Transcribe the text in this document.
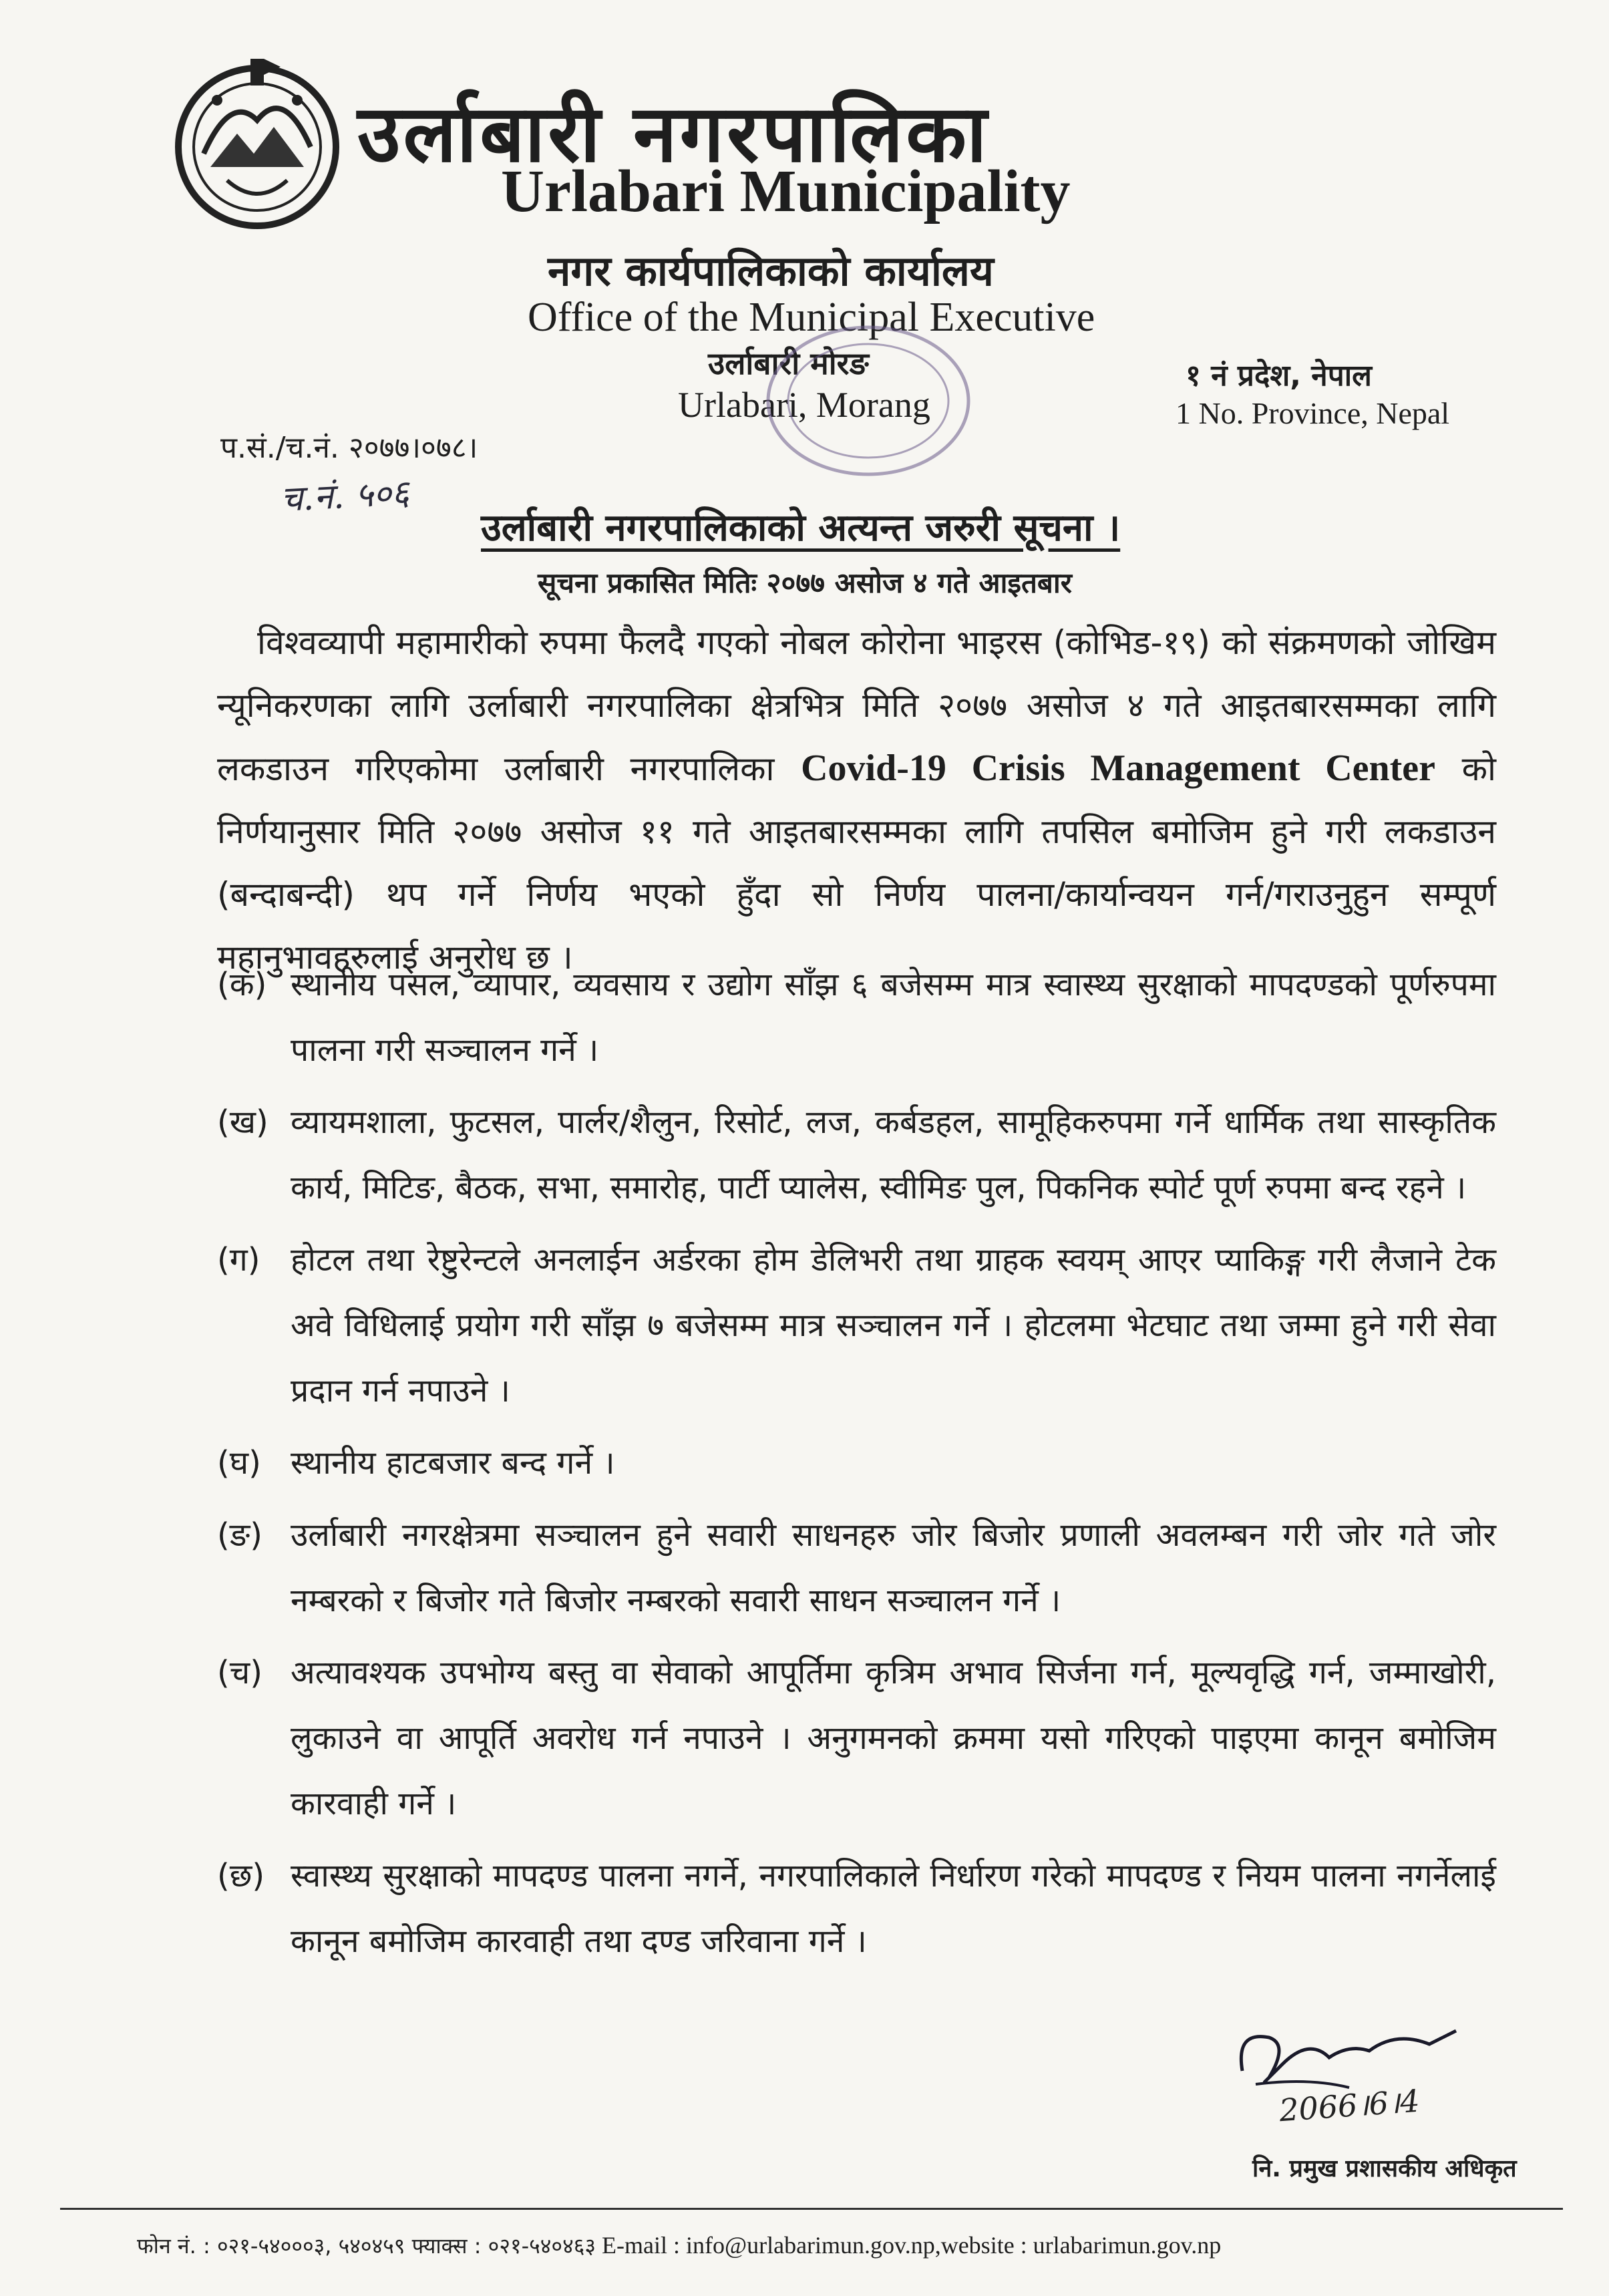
उर्लाबारी नगरपालिका
Urlabari Municipality
नगर कार्यपालिकाको कार्यालय
Office of the Municipal Executive
उर्लाबारी मोरङ
Urlabari, Morang
१ नं प्रदेश, नेपाल
1 No. Province, Nepal
प.सं./च.नं. २०७७।०७८।
च.नं. ५०६
उर्लाबारी नगरपालिकाको अत्यन्त जरुरी सूचना ।
सूचना प्रकासित मितिः २०७७ असोज ४ गते आइतबार
विश्वव्यापी महामारीको रुपमा फैलदै गएको नोबल कोरोना भाइरस (कोभिड-१९) को संक्रमणको जोखिम न्यूनिकरणका लागि उर्लाबारी नगरपालिका क्षेत्रभित्र मिति २०७७ असोज ४ गते आइतबारसम्मका लागि लकडाउन गरिएकोमा उर्लाबारी नगरपालिका Covid-19 Crisis Management Center को निर्णयानुसार मिति २०७७ असोज ११ गते आइतबारसम्मका लागि तपसिल बमोजिम हुने गरी लकडाउन (बन्दाबन्दी) थप गर्ने निर्णय भएको हुँदा सो निर्णय पालना/कार्यान्वयन गर्न/गराउनुहुन सम्पूर्ण महानुभावहरुलाई अनुरोध छ ।
(क) स्थानीय पसल, व्यापार, व्यवसाय र उद्योग साँझ ६ बजेसम्म मात्र स्वास्थ्य सुरक्षाको मापदण्डको पूर्णरुपमा पालना गरी सञ्चालन गर्ने ।
(ख) व्यायमशाला, फुटसल, पार्लर/शैलुन, रिसोर्ट, लज, कर्बडहल, सामूहिकरुपमा गर्ने धार्मिक तथा सास्कृतिक कार्य, मिटिङ, बैठक, सभा, समारोह, पार्टी प्यालेस, स्वीमिङ पुल, पिकनिक स्पोर्ट पूर्ण रुपमा बन्द रहने ।
(ग) होटल तथा रेष्टुरेन्टले अनलाईन अर्डरका होम डेलिभरी तथा ग्राहक स्वयम् आएर प्याकिङ्ग गरी लैजाने टेक अवे विधिलाई प्रयोग गरी साँझ ७ बजेसम्म मात्र सञ्चालन गर्ने । होटलमा भेटघाट तथा जम्मा हुने गरी सेवा प्रदान गर्न नपाउने ।
(घ) स्थानीय हाटबजार बन्द गर्ने ।
(ङ) उर्लाबारी नगरक्षेत्रमा सञ्चालन हुने सवारी साधनहरु जोर बिजोर प्रणाली अवलम्बन गरी जोर गते जोर नम्बरको र बिजोर गते बिजोर नम्बरको सवारी साधन सञ्चालन गर्ने ।
(च) अत्यावश्यक उपभोग्य बस्तु वा सेवाको आपूर्तिमा कृत्रिम अभाव सिर्जना गर्न, मूल्यवृद्धि गर्न, जम्माखोरी, लुकाउने वा आपूर्ति अवरोध गर्न नपाउने । अनुगमनको क्रममा यसो गरिएको पाइएमा कानून बमोजिम कारवाही गर्ने ।
(छ) स्वास्थ्य सुरक्षाको मापदण्ड पालना नगर्ने, नगरपालिकाले निर्धारण गरेको मापदण्ड र नियम पालना नगर्नेलाई कानून बमोजिम कारवाही तथा दण्ड जरिवाना गर्ने ।
2066।6।4
नि. प्रमुख प्रशासकीय अधिकृत
फोन नं. : ०२१-५४०००३, ५४०४५९ फ्याक्स : ०२१-५४०४६३ E-mail : info@urlabarimun.gov.np,website : urlabarimun.gov.np
